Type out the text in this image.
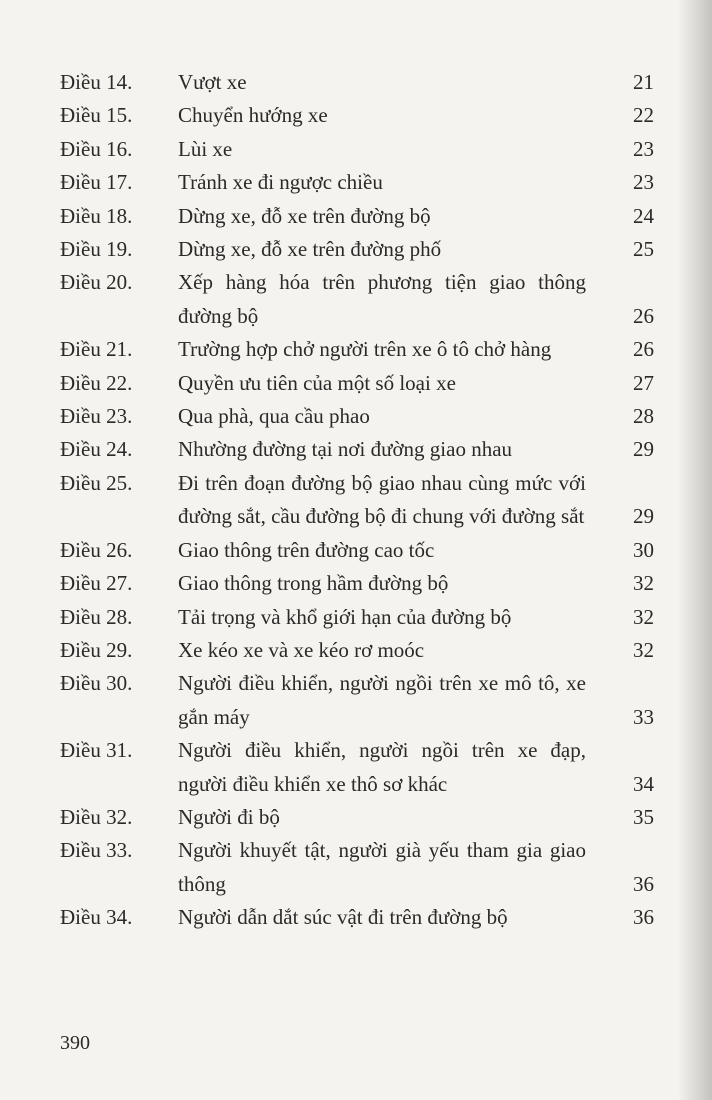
Điều 14.	Vượt xe	21
Điều 15.	Chuyển hướng xe	22
Điều 16.	Lùi xe	23
Điều 17.	Tránh xe đi ngược chiều	23
Điều 18.	Dừng xe, đỗ xe trên đường bộ	24
Điều 19.	Dừng xe, đỗ xe trên đường phố	25
Điều 20.	Xếp hàng hóa trên phương tiện giao thông đường bộ	26
Điều 21.	Trường hợp chở người trên xe ô tô chở hàng	26
Điều 22.	Quyền ưu tiên của một số loại xe	27
Điều 23.	Qua phà, qua cầu phao	28
Điều 24.	Nhường đường tại nơi đường giao nhau	29
Điều 25.	Đi trên đoạn đường bộ giao nhau cùng mức với đường sắt, cầu đường bộ đi chung với đường sắt	29
Điều 26.	Giao thông trên đường cao tốc	30
Điều 27.	Giao thông trong hầm đường bộ	32
Điều 28.	Tải trọng và khổ giới hạn của đường bộ	32
Điều 29.	Xe kéo xe và xe kéo rơ moóc	32
Điều 30.	Người điều khiển, người ngồi trên xe mô tô, xe gắn máy	33
Điều 31.	Người điều khiển, người ngồi trên xe đạp, người điều khiển xe thô sơ khác	34
Điều 32.	Người đi bộ	35
Điều 33.	Người khuyết tật, người già yếu tham gia giao thông	36
Điều 34.	Người dẫn dắt súc vật đi trên đường bộ	36
390
